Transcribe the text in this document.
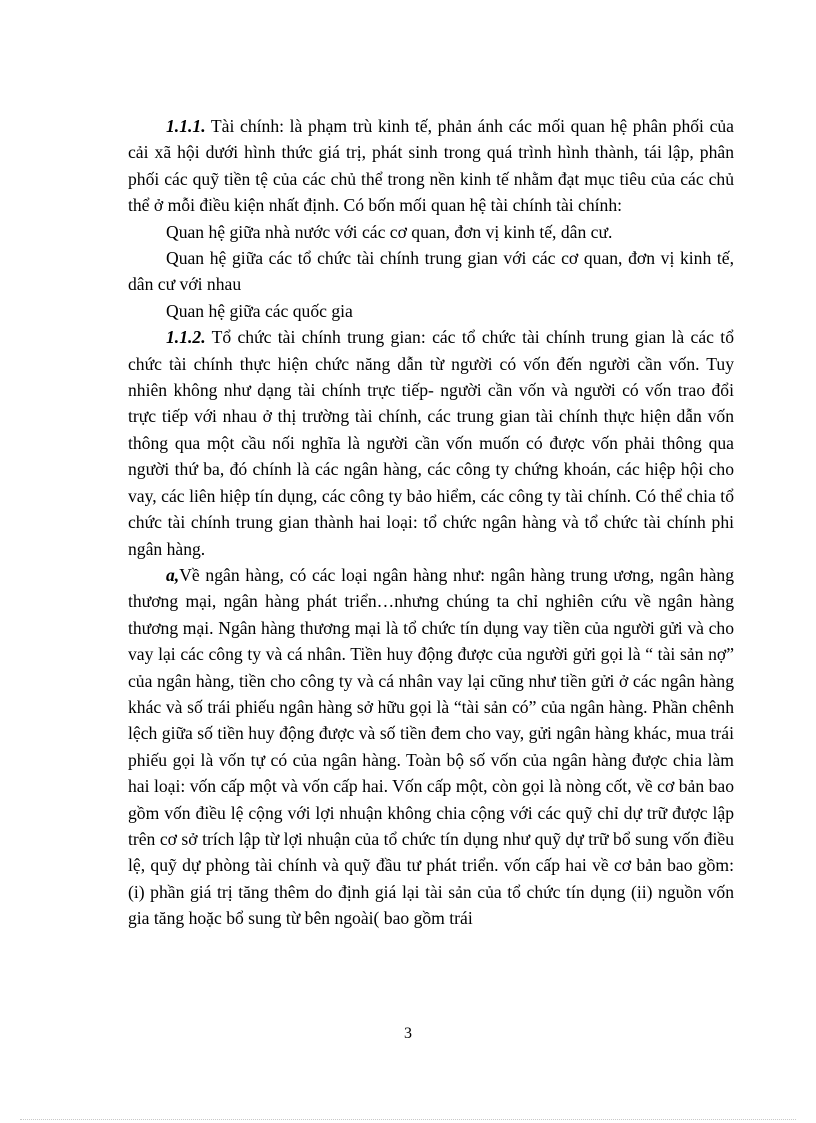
1.1.1. Tài chính: là phạm trù kinh tế, phản ánh các mối quan hệ phân phối của cải xã hội dưới hình thức giá trị, phát sinh trong quá trình hình thành, tái lập, phân phối các quỹ tiền tệ của các chủ thể trong nền kinh tế nhằm đạt mục tiêu của các chủ thể ở mỗi điều kiện nhất định. Có bốn mối quan hệ tài chính tài chính:

Quan hệ giữa nhà nước với các cơ quan, đơn vị kinh tế, dân cư.

Quan hệ giữa các tổ chức tài chính trung gian với các cơ quan, đơn vị kinh tế, dân cư với nhau

Quan hệ giữa các quốc gia

1.1.2. Tổ chức tài chính trung gian: các tổ chức tài chính trung gian là các tổ chức tài chính thực hiện chức năng dẫn từ người có vốn đến người cần vốn. Tuy nhiên không như dạng tài chính trực tiếp- người cần vốn và người có vốn trao đổi trực tiếp với nhau ở thị trường tài chính, các trung gian tài chính thực hiện dẫn vốn thông qua một cầu nối nghĩa là người cần vốn muốn có được vốn phải thông qua người thứ ba, đó chính là các ngân hàng, các công ty chứng khoán, các hiệp hội cho vay, các liên hiệp tín dụng, các công ty bảo hiểm, các công ty tài chính. Có thể chia tổ chức tài chính trung gian thành hai loại: tổ chức ngân hàng và tổ chức tài chính phi ngân hàng.

a,Về ngân hàng, có các loại ngân hàng như: ngân hàng trung ương, ngân hàng thương mại, ngân hàng phát triển…nhưng chúng ta chỉ nghiên cứu về ngân hàng thương mại. Ngân hàng thương mại là tổ chức tín dụng vay tiền của người gửi và cho vay lại các công ty và cá nhân. Tiền huy động được của người gửi gọi là “ tài sản nợ” của ngân hàng, tiền cho công ty và cá nhân vay lại cũng như tiền gửi ở các ngân hàng khác và số trái phiếu ngân hàng sở hữu gọi là “tài sản có” của ngân hàng. Phần chênh lệch giữa số tiền huy động được và số tiền đem cho vay, gửi ngân hàng khác, mua trái phiếu gọi là vốn tự có của ngân hàng. Toàn bộ số vốn của ngân hàng được chia làm hai loại: vốn cấp một và vốn cấp hai. Vốn cấp một, còn gọi là nòng cốt, về cơ bản bao gồm vốn điều lệ cộng với lợi nhuận không chia cộng với các quỹ chỉ dự trữ được lập trên cơ sở trích lập từ lợi nhuận của tổ chức tín dụng như quỹ dự trữ bổ sung vốn điều lệ, quỹ dự phòng tài chính và quỹ đầu tư phát triển. vốn cấp hai về cơ bản bao gồm: (i) phần giá trị tăng thêm do định giá lại tài sản của tổ chức tín dụng (ii) nguồn vốn gia tăng hoặc bổ sung từ bên ngoài( bao gồm trái

3
